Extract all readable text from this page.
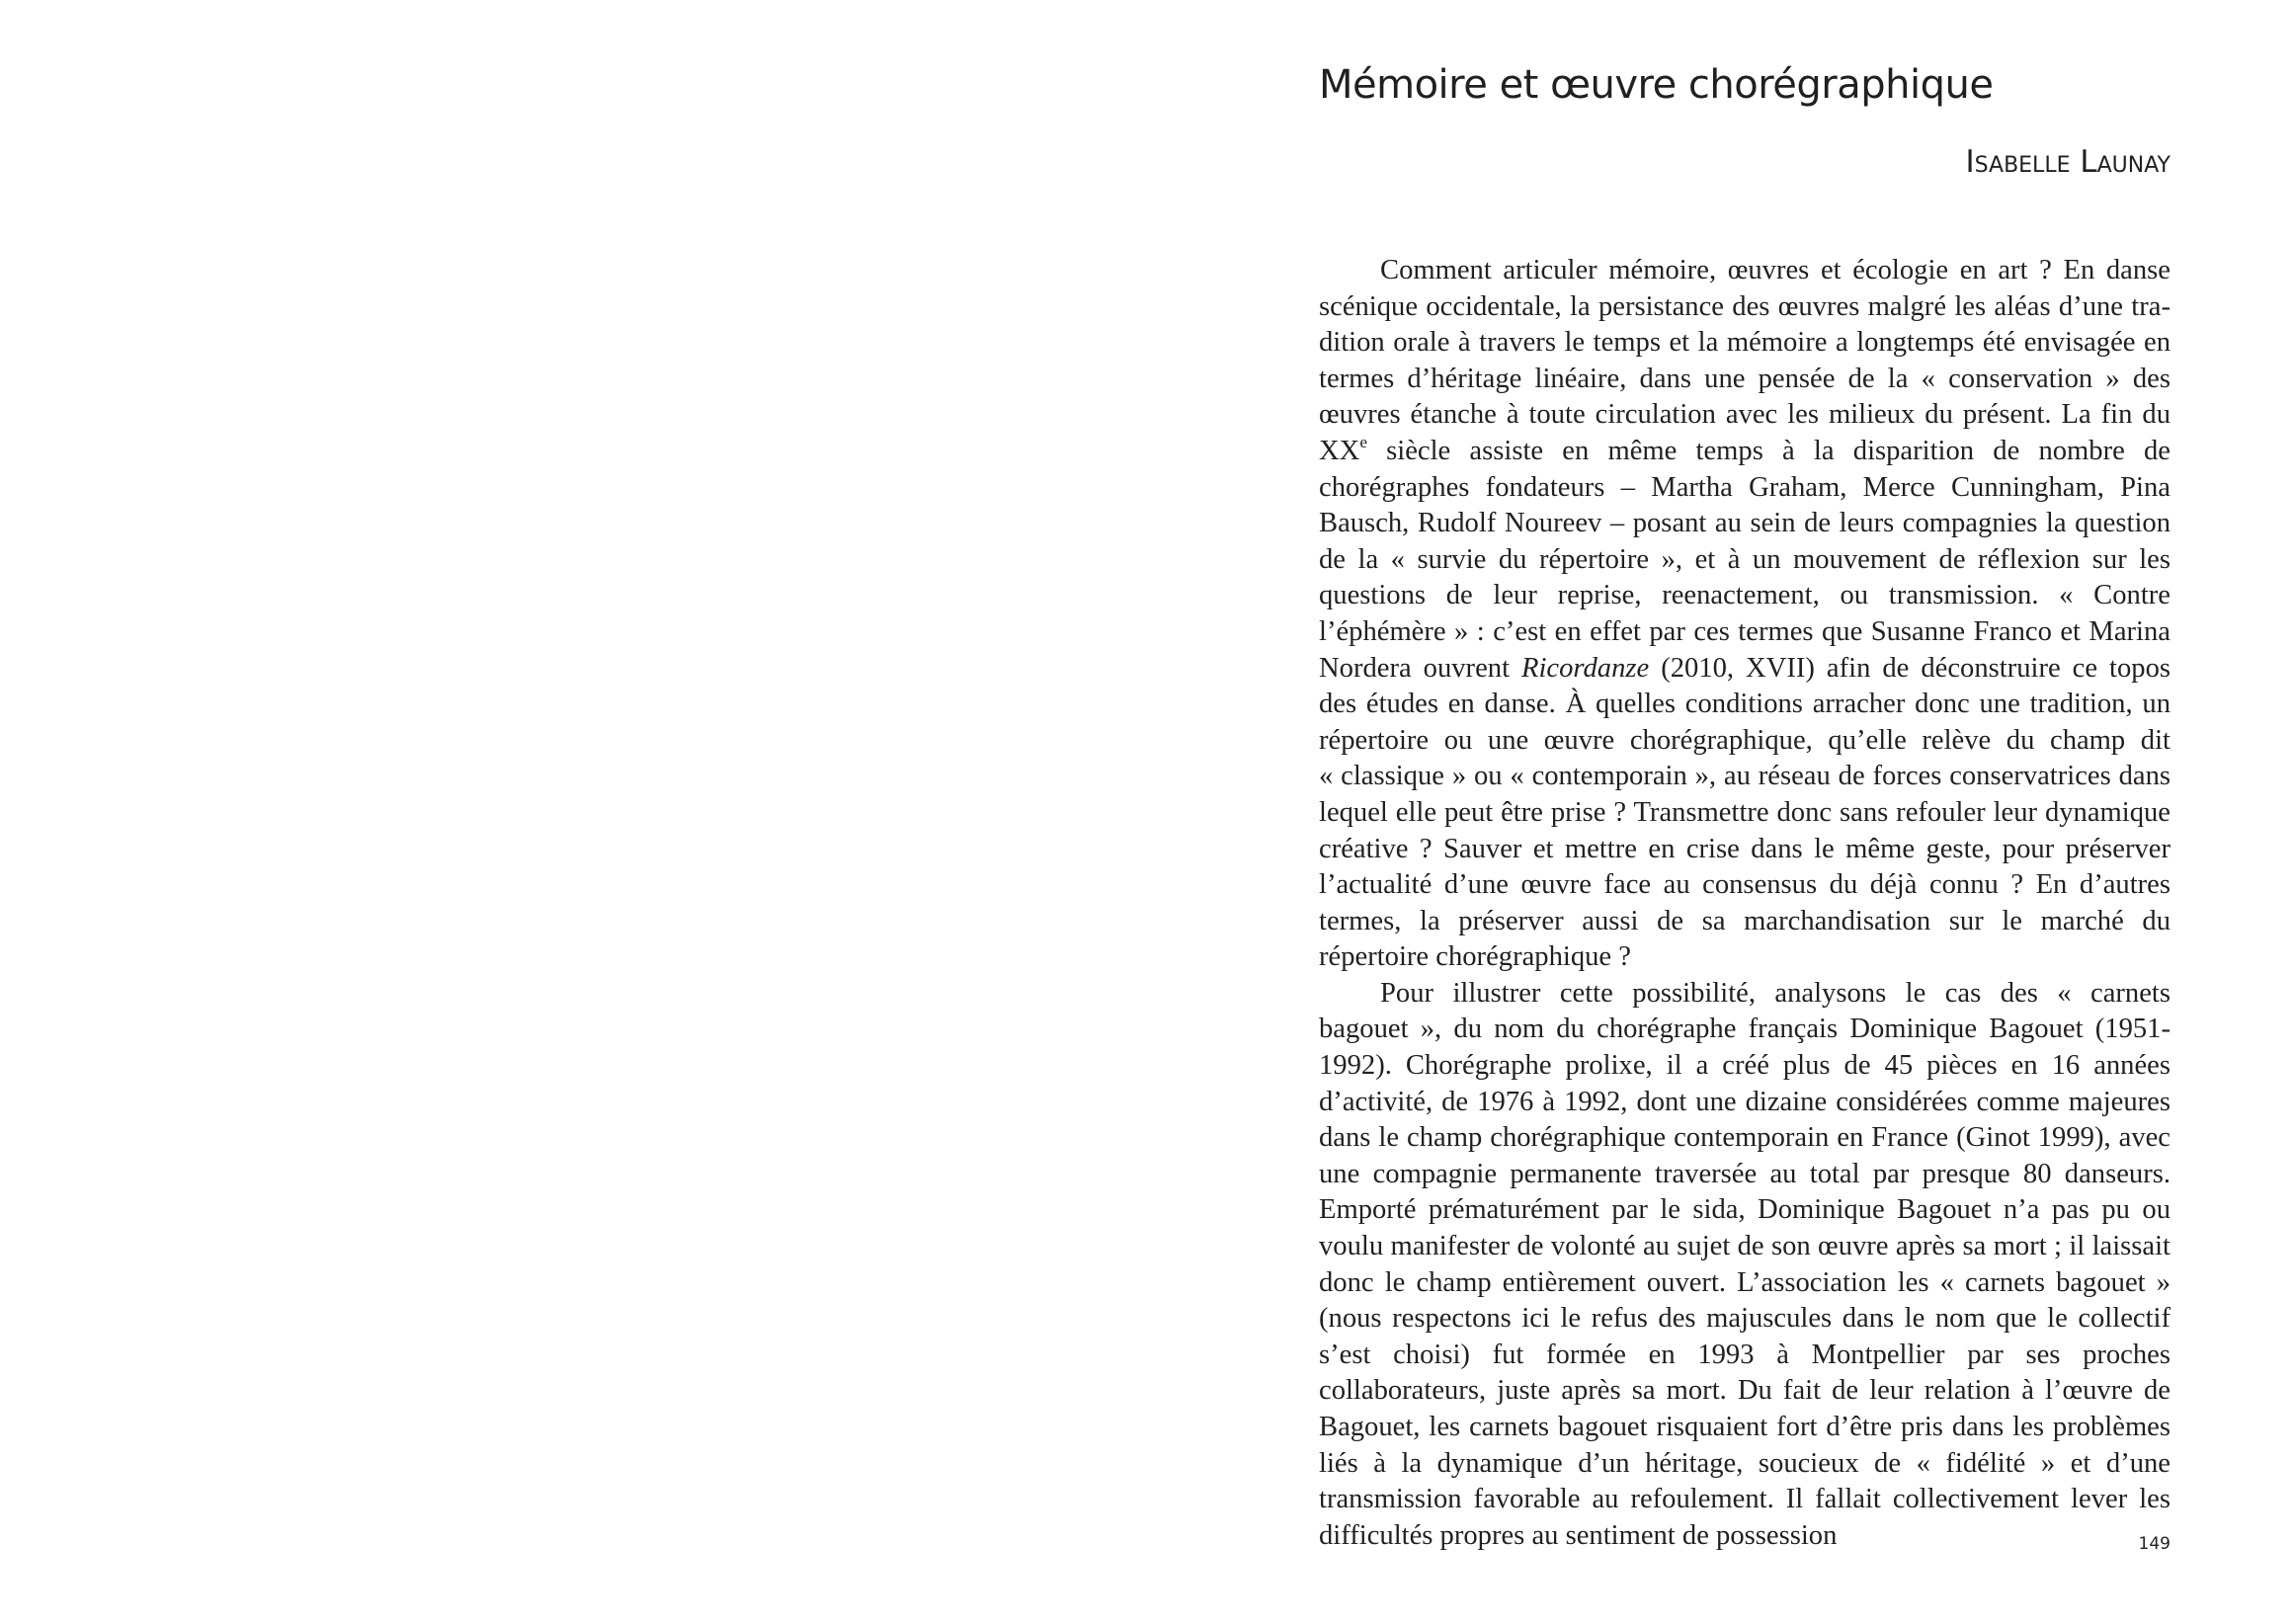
Mémoire et œuvre chorégraphique
Isabelle Launay

Comment articuler mémoire, œuvres et écologie en art ? En danse scénique occidentale, la persistance des œuvres malgré les aléas d’une tradition orale à travers le temps et la mémoire a longtemps été envisagée en termes d’héritage linéaire, dans une pensée de la « conservation » des œuvres étanche à toute circulation avec les milieux du présent. La fin du XXe siècle assiste en même temps à la disparition de nombre de chorégraphes fondateurs – Martha Graham, Merce Cunningham, Pina Bausch, Rudolf Noureev – posant au sein de leurs compagnies la question de la « survie du répertoire », et à un mouvement de réflexion sur les questions de leur reprise, reenactement, ou transmission. « Contre l’éphémère » : c’est en effet par ces termes que Susanne Franco et Marina Nordera ouvrent Ricordanze (2010, XVII) afin de déconstruire ce topos des études en danse. À quelles conditions arracher donc une tradition, un répertoire ou une œuvre chorégraphique, qu’elle relève du champ dit « classique » ou « contemporain », au réseau de forces conservatrices dans lequel elle peut être prise ? Transmettre donc sans refouler leur dynamique créative ? Sauver et mettre en crise dans le même geste, pour préserver l’actualité d’une œuvre face au consensus du déjà connu ? En d’autres termes, la préserver aussi de sa marchandisation sur le marché du répertoire chorégraphique ?

Pour illustrer cette possibilité, analysons le cas des « carnets bagouet », du nom du chorégraphe français Dominique Bagouet (1951-1992). Chorégraphe prolixe, il a créé plus de 45 pièces en 16 années d’activité, de 1976 à 1992, dont une dizaine considérées comme majeures dans le champ chorégraphique contemporain en France (Ginot 1999), avec une compagnie permanente traversée au total par presque 80 danseurs. Emporté prématurément par le sida, Dominique Bagouet n’a pas pu ou voulu manifester de volonté au sujet de son œuvre après sa mort ; il laissait donc le champ entièrement ouvert. L’association les « carnets bagouet » (nous respectons ici le refus des majuscules dans le nom que le collectif s’est choisi) fut formée en 1993 à Montpellier par ses proches collaborateurs, juste après sa mort. Du fait de leur relation à l’œuvre de Bagouet, les carnets bagouet risquaient fort d’être pris dans les problèmes liés à la dynamique d’un héritage, soucieux de « fidélité » et d’une transmission favorable au refoulement. Il fallait collectivement lever les difficultés propres au sentiment de possession	149
